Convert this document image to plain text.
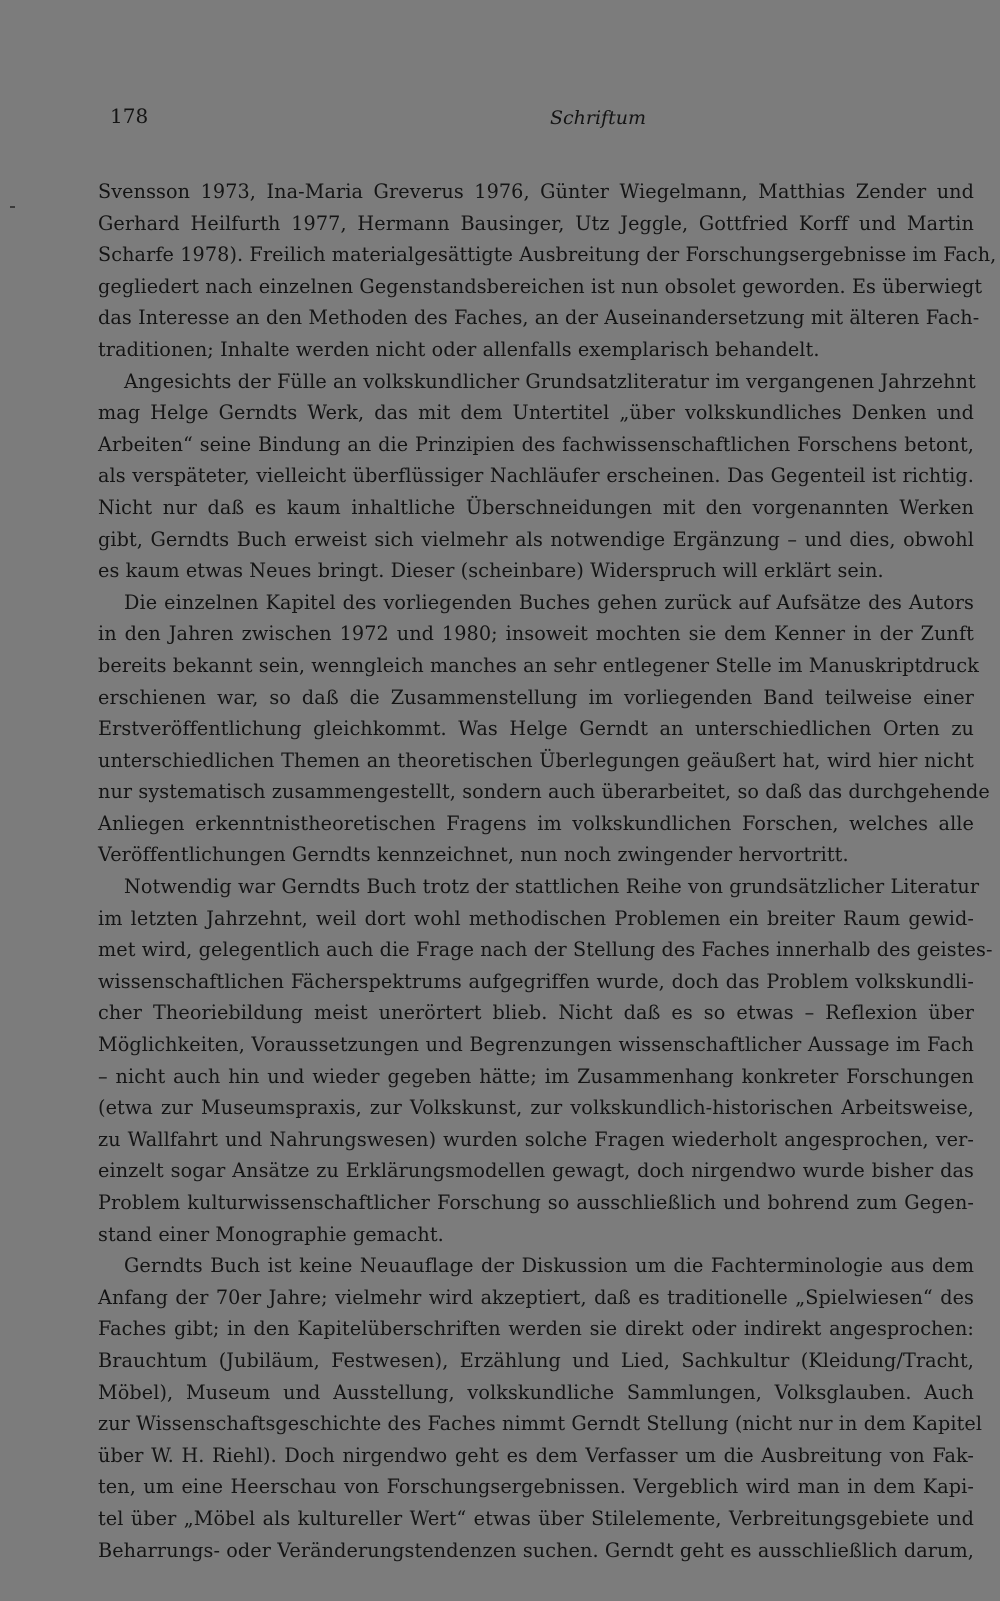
178	Schriftum
Svensson 1973, Ina-Maria Greverus 1976, Günter Wiegelmann, Matthias Zender und
Gerhard Heilfurth 1977, Hermann Bausinger, Utz Jeggle, Gottfried Korff und Martin
Scharfe 1978). Freilich materialgesättigte Ausbreitung der Forschungsergebnisse im Fach,
gegliedert nach einzelnen Gegenstandsbereichen ist nun obsolet geworden. Es überwiegt
das Interesse an den Methoden des Faches, an der Auseinandersetzung mit älteren Fach-
traditionen; Inhalte werden nicht oder allenfalls exemplarisch behandelt.
Angesichts der Fülle an volkskundlicher Grundsatzliteratur im vergangenen Jahrzehnt
mag Helge Gerndts Werk, das mit dem Untertitel „über volkskundliches Denken und
Arbeiten“ seine Bindung an die Prinzipien des fachwissenschaftlichen Forschens betont,
als verspäteter, vielleicht überflüssiger Nachläufer erscheinen. Das Gegenteil ist richtig.
Nicht nur daß es kaum inhaltliche Überschneidungen mit den vorgenannten Werken
gibt, Gerndts Buch erweist sich vielmehr als notwendige Ergänzung – und dies, obwohl
es kaum etwas Neues bringt. Dieser (scheinbare) Widerspruch will erklärt sein.
Die einzelnen Kapitel des vorliegenden Buches gehen zurück auf Aufsätze des Autors
in den Jahren zwischen 1972 und 1980; insoweit mochten sie dem Kenner in der Zunft
bereits bekannt sein, wenngleich manches an sehr entlegener Stelle im Manuskriptdruck
erschienen war, so daß die Zusammenstellung im vorliegenden Band teilweise einer
Erstveröffentlichung gleichkommt. Was Helge Gerndt an unterschiedlichen Orten zu
unterschiedlichen Themen an theoretischen Überlegungen geäußert hat, wird hier nicht
nur systematisch zusammengestellt, sondern auch überarbeitet, so daß das durchgehende
Anliegen erkenntnistheoretischen Fragens im volkskundlichen Forschen, welches alle
Veröffentlichungen Gerndts kennzeichnet, nun noch zwingender hervortritt.
Notwendig war Gerndts Buch trotz der stattlichen Reihe von grundsätzlicher Literatur
im letzten Jahrzehnt, weil dort wohl methodischen Problemen ein breiter Raum gewid-
met wird, gelegentlich auch die Frage nach der Stellung des Faches innerhalb des geistes-
wissenschaftlichen Fächerspektrums aufgegriffen wurde, doch das Problem volkskundli-
cher Theoriebildung meist unerörtert blieb. Nicht daß es so etwas – Reflexion über
Möglichkeiten, Voraussetzungen und Begrenzungen wissenschaftlicher Aussage im Fach
– nicht auch hin und wieder gegeben hätte; im Zusammenhang konkreter Forschungen
(etwa zur Museumspraxis, zur Volkskunst, zur volkskundlich-historischen Arbeitsweise,
zu Wallfahrt und Nahrungswesen) wurden solche Fragen wiederholt angesprochen, ver-
einzelt sogar Ansätze zu Erklärungsmodellen gewagt, doch nirgendwo wurde bisher das
Problem kulturwissenschaftlicher Forschung so ausschließlich und bohrend zum Gegen-
stand einer Monographie gemacht.
Gerndts Buch ist keine Neuauflage der Diskussion um die Fachterminologie aus dem
Anfang der 70er Jahre; vielmehr wird akzeptiert, daß es traditionelle „Spielwiesen“ des
Faches gibt; in den Kapitelüberschriften werden sie direkt oder indirekt angesprochen:
Brauchtum (Jubiläum, Festwesen), Erzählung und Lied, Sachkultur (Kleidung/Tracht,
Möbel), Museum und Ausstellung, volkskundliche Sammlungen, Volksglauben. Auch
zur Wissenschaftsgeschichte des Faches nimmt Gerndt Stellung (nicht nur in dem Kapitel
über W. H. Riehl). Doch nirgendwo geht es dem Verfasser um die Ausbreitung von Fak-
ten, um eine Heerschau von Forschungsergebnissen. Vergeblich wird man in dem Kapi-
tel über „Möbel als kultureller Wert“ etwas über Stilelemente, Verbreitungsgebiete und
Beharrungs- oder Veränderungstendenzen suchen. Gerndt geht es ausschließlich darum,
